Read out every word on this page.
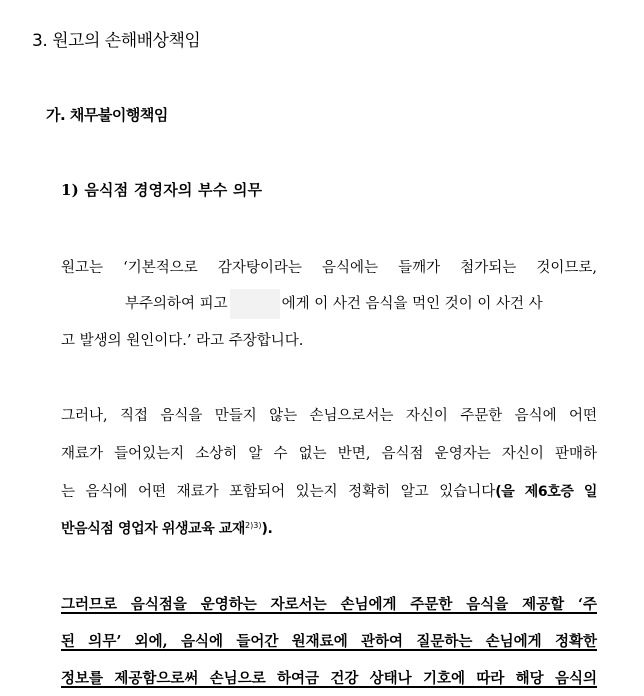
3. 원고의 손해배상책임
가. 채무불이행책임
1) 음식점 경영자의 부수 의무
원고는 ‘기본적으로 감자탕이라는 음식에는 들깨가 첨가되는 것이므로,
부주의하여 피고	에게 이 사건 음식을 먹인 것이 이 사건 사
고 발생의 원인이다.’ 라고 주장합니다.
그러나, 직접 음식을 만들지 않는 손님으로서는 자신이 주문한 음식에 어떤
재료가 들어있는지 소상히 알 수 없는 반면, 음식점 운영자는 자신이 판매하
는 음식에 어떤 재료가 포함되어 있는지 정확히 알고 있습니다(을 제6호증 일
반음식점 영업자 위생교육 교재$^{2)3)}$).
그러므로 음식점을 운영하는 자로서는 손님에게 주문한 음식을 제공할 ‘주
된 의무’ 외에, 음식에 들어간 원재료에 관하여 질문하는 손님에게 정확한
정보를 제공함으로써 손님으로 하여금 건강 상태나 기호에 따라 해당 음식의
